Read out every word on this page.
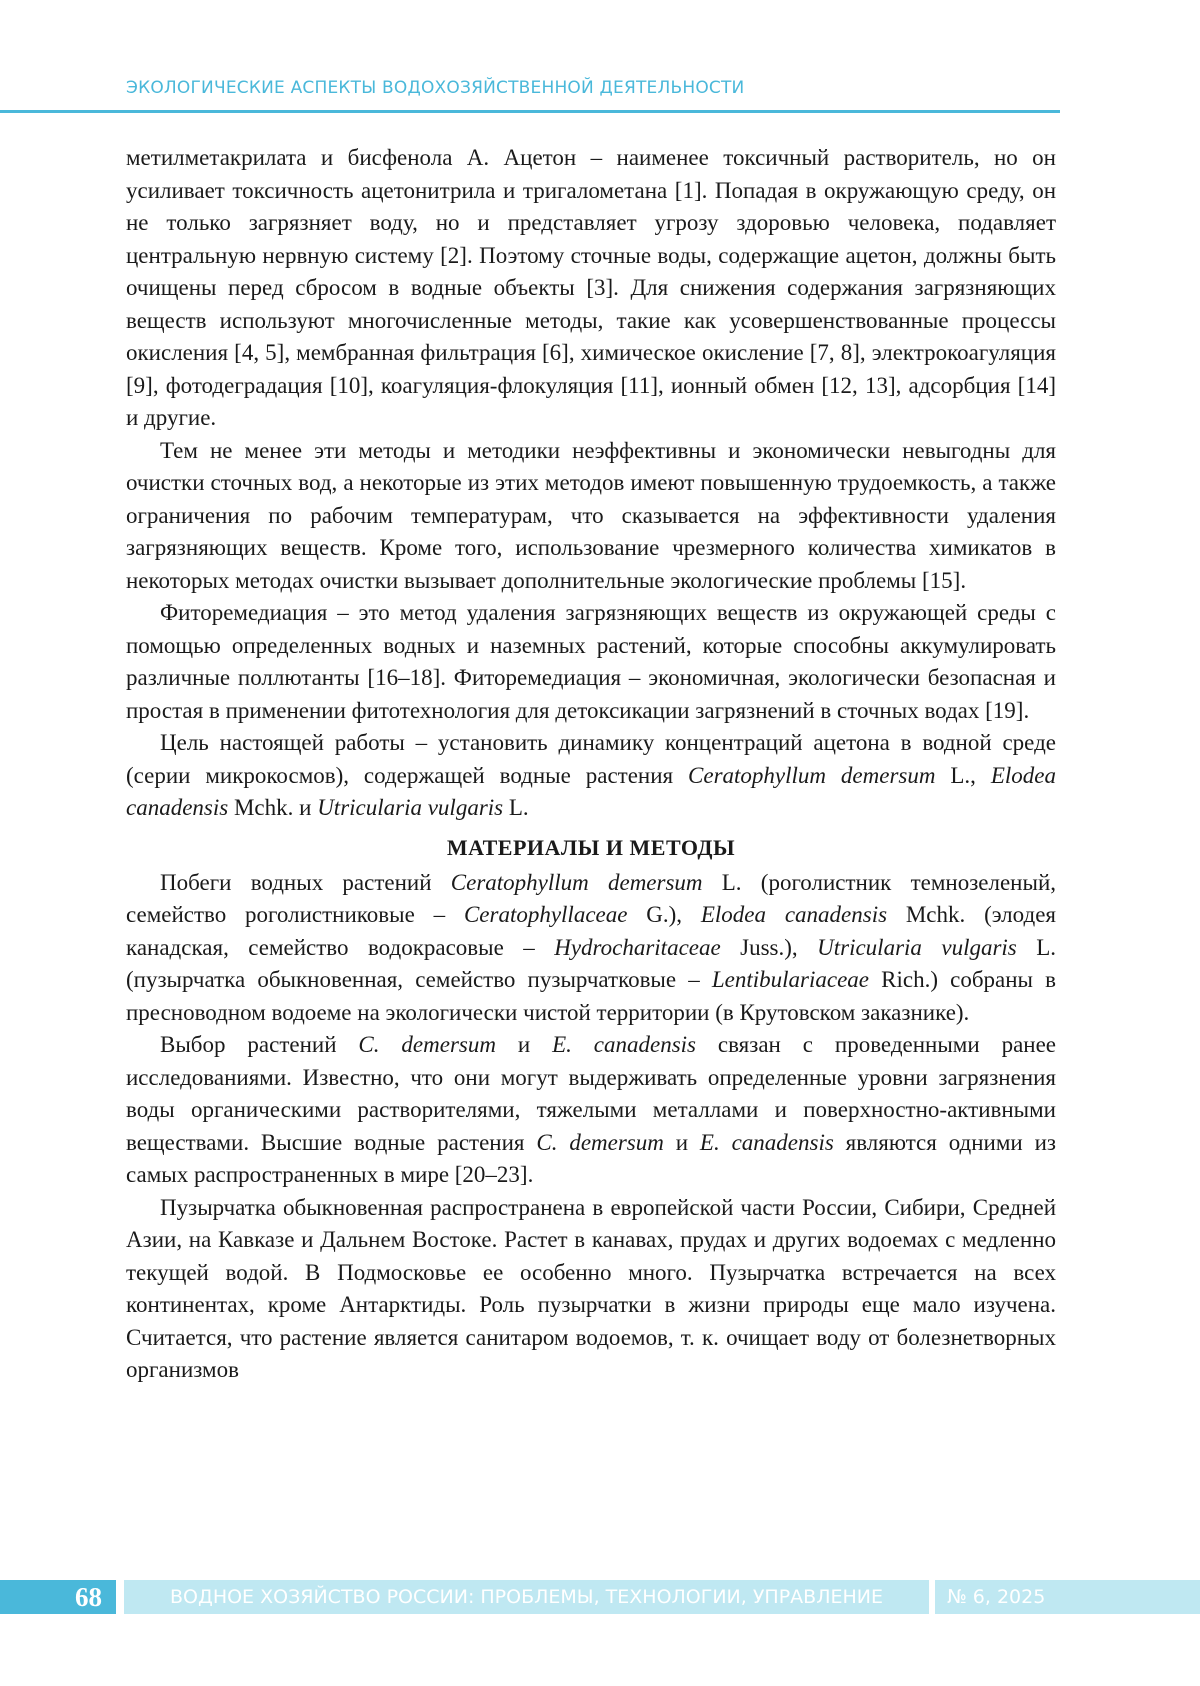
ЭКОЛОГИЧЕСКИЕ АСПЕКТЫ ВОДОХОЗЯЙСТВЕННОЙ ДЕЯТЕЛЬНОСТИ

метилметакрилата и бисфенола А. Ацетон – наименее токсичный растворитель, но он усиливает токсичность ацетонитрила и тригалометана [1]. Попадая в окружающую среду, он не только загрязняет воду, но и представляет угрозу здоровью человека, подавляет центральную нервную систему [2]. Поэтому сточные воды, содержащие ацетон, должны быть очищены перед сбросом в водные объекты [3]. Для снижения содержания загрязняющих веществ используют многочисленные методы, такие как усовершенствованные процессы окисления [4, 5], мембранная фильтрация [6], химическое окисление [7, 8], электрокоагуляция [9], фотодеградация [10], коагуляция-флокуляция [11], ионный обмен [12, 13], адсорбция [14] и другие.

Тем не менее эти методы и методики неэффективны и экономически невыгодны для очистки сточных вод, а некоторые из этих методов имеют повышенную трудоемкость, а также ограничения по рабочим температурам, что сказывается на эффективности удаления загрязняющих веществ. Кроме того, использование чрезмерного количества химикатов в некоторых методах очистки вызывает дополнительные экологические проблемы [15].

Фиторемедиация – это метод удаления загрязняющих веществ из окружающей среды с помощью определенных водных и наземных растений, которые способны аккумулировать различные поллютанты [16–18]. Фиторемедиация – экономичная, экологически безопасная и простая в применении фитотехнология для детоксикации загрязнений в сточных водах [19].

Цель настоящей работы – установить динамику концентраций ацетона в водной среде (серии микрокосмов), содержащей водные растения Ceratophyllum demersum L., Elodea canadensis Mchk. и Utricularia vulgaris L.

МАТЕРИАЛЫ И МЕТОДЫ

Побеги водных растений Ceratophyllum demersum L. (роголистник темнозеленый, семейство роголистниковые – Ceratophyllaceae G.), Elodea canadensis Mchk. (элодея канадская, семейство водокрасовые – Hydrocharitaceae Juss.), Utricularia vulgaris L. (пузырчатка обыкновенная, семейство пузырчатковые – Lentibulariaceae Rich.) собраны в пресноводном водоеме на экологически чистой территории (в Крутовском заказнике).

Выбор растений C. demersum и E. canadensis связан с проведенными ранее исследованиями. Известно, что они могут выдерживать определенные уровни загрязнения воды органическими растворителями, тяжелыми металлами и поверхностно-активными веществами. Высшие водные растения C. demersum и E. canadensis являются одними из самых распространенных в мире [20–23].

Пузырчатка обыкновенная распространена в европейской части России, Сибири, Средней Азии, на Кавказе и Дальнем Востоке. Растет в канавах, прудах и других водоемах с медленно текущей водой. В Подмосковье ее особенно много. Пузырчатка встречается на всех континентах, кроме Антарктиды. Роль пузырчатки в жизни природы еще мало изучена. Считается, что растение является санитаром водоемов, т. к. очищает воду от болезнетворных организмов

68	ВОДНОЕ ХОЗЯЙСТВО РОССИИ: ПРОБЛЕМЫ, ТЕХНОЛОГИИ, УПРАВЛЕНИЕ	№ 6, 2025
